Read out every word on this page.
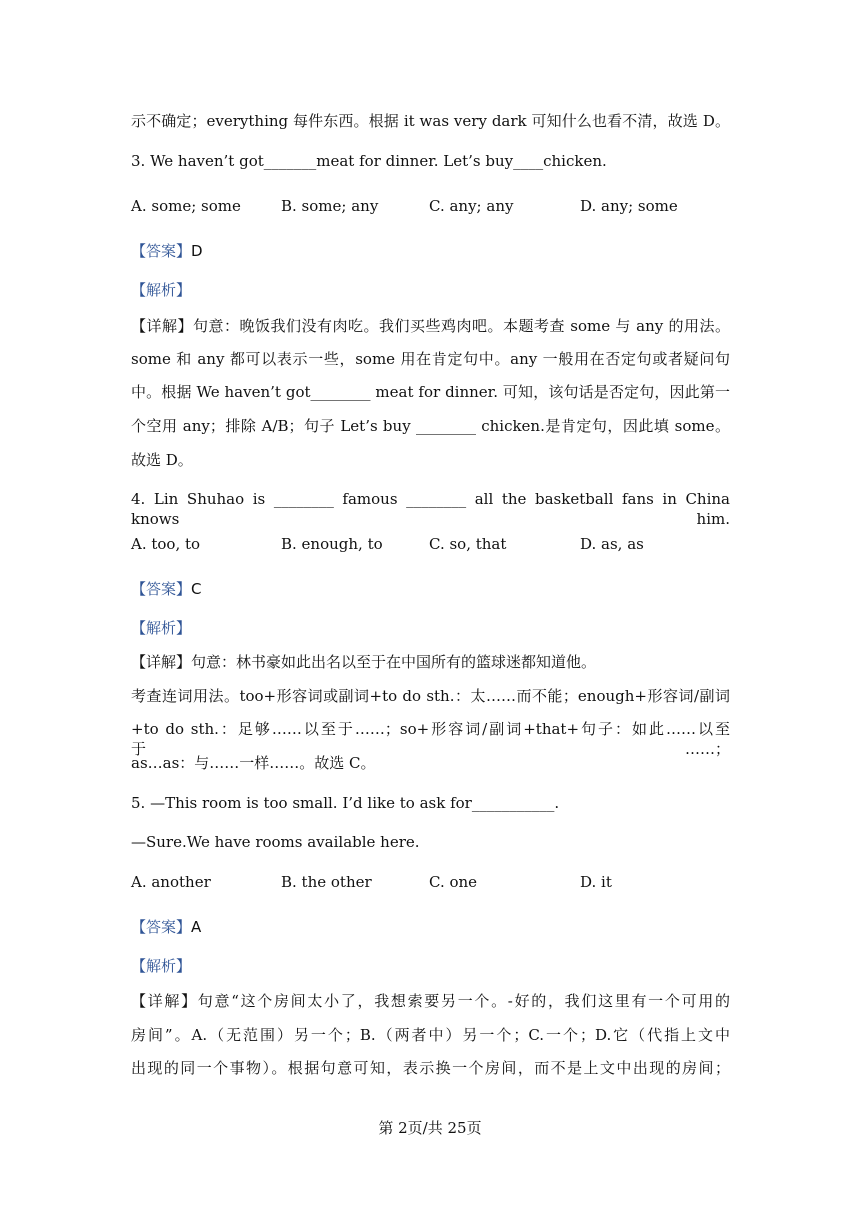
示不确定；everything 每件东西。根据 it was very dark 可知什么也看不清，故选 D。
3. We haven’t got_______meat for dinner. Let’s buy____chicken.
A. some; some	B. some; any	C. any; any	D. any; some
【答案】D
【解析】
【详解】句意：晚饭我们没有肉吃。我们买些鸡肉吧。本题考查 some 与 any 的用法。
some 和 any 都可以表示一些，some 用在肯定句中。any 一般用在否定句或者疑问句
中。根据 We haven’t got________ meat for dinner. 可知，该句话是否定句，因此第一
个空用 any；排除 A/B；句子 Let’s buy ________ chicken.是肯定句，因此填 some。
故选 D。
4. Lin Shuhao is ________ famous ________ all the basketball fans in China knows him.
A. too, to	B. enough, to	C. so, that	D. as, as
【答案】C
【解析】
【详解】句意：林书豪如此出名以至于在中国所有的篮球迷都知道他。
考查连词用法。too+形容词或副词+to do sth.：太……而不能；enough+形容词/副词
+to do sth.：足够……以至于……；so+形容词/副词+that+句子：如此……以至于……；
as…as：与……一样……。故选 C。
5. —This room is too small. I’d like to ask for___________.
—Sure.We have rooms available here.
A. another	B. the other	C. one	D. it
【答案】A
【解析】
【详解】句意“这个房间太小了，我想索要另一个。-好的，我们这里有一个可用的
房间”。A.（无范围）另一个；B.（两者中）另一个；C.一个；D.它（代指上文中
出现的同一个事物）。根据句意可知，表示换一个房间，而不是上文中出现的房间；
第 2页/共 25页
